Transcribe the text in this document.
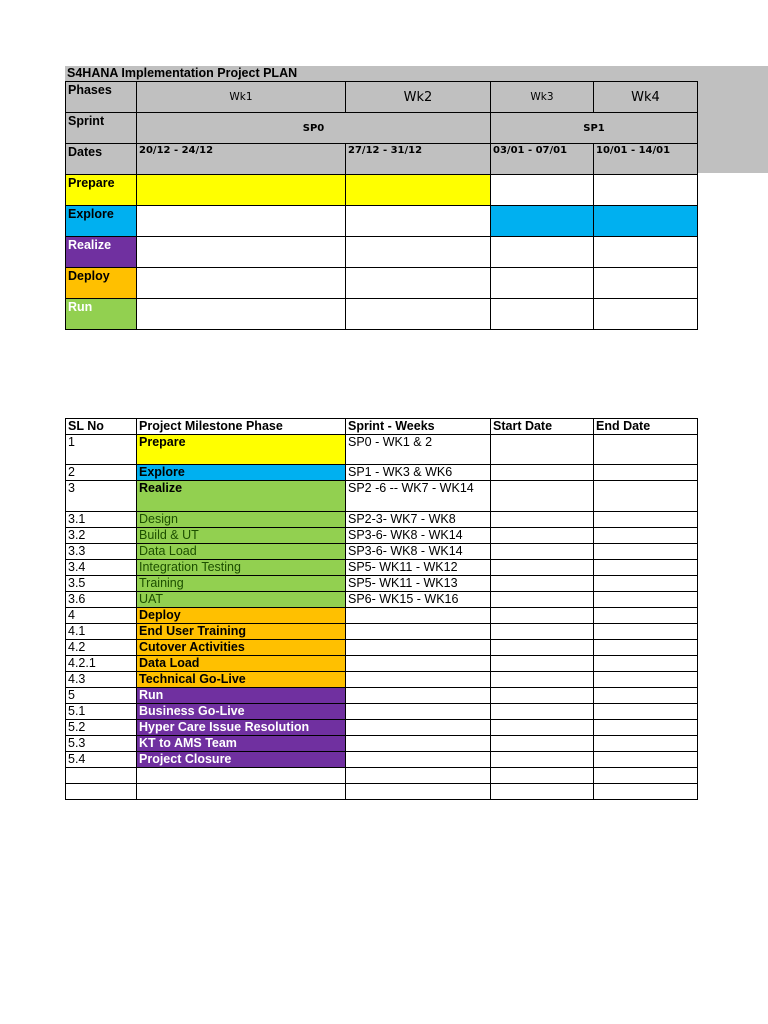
S4HANA Implementation Project PLAN
Phases	Wk1	Wk2	Wk3	Wk4
Sprint	SP0		SP1	
Dates	20/12 - 24/12	27/12 - 31/12	03/01 - 07/01	10/01 - 14/01
Prepare				
Explore				
Realize				
Deploy				
Run				
SL No	Project Milestone Phase	Sprint - Weeks	Start Date	End Date
1	Prepare	SP0 - WK1 & 2		
2	Explore	SP1 - WK3 & WK6		
3	Realize	SP2 -6 -- WK7 - WK14		
3.1	Design	SP2-3- WK7 - WK8		
3.2	Build & UT	SP3-6- WK8 - WK14		
3.3	Data Load	SP3-6- WK8 - WK14		
3.4	Integration Testing	SP5- WK11 - WK12		
3.5	Training	SP5- WK11 - WK13		
3.6	UAT	SP6- WK15 - WK16		
4	Deploy			
4.1	End User Training			
4.2	Cutover Activities			
4.2.1	Data Load			
4.3	Technical Go-Live			
5	Run			
5.1	Business Go-Live			
5.2	Hyper Care Issue Resolution			
5.3	KT to AMS Team			
5.4	Project Closure			
